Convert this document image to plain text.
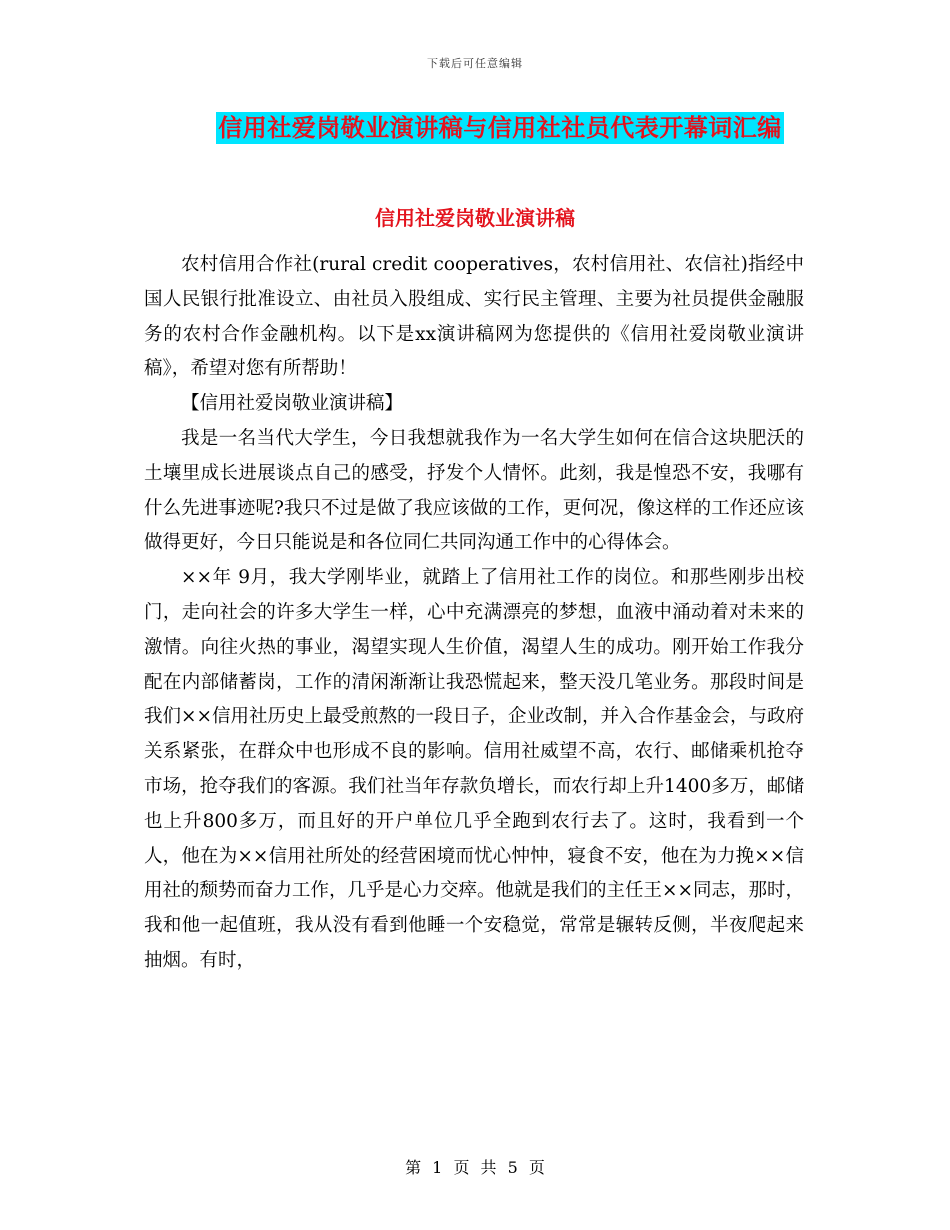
下载后可任意编辑
信用社爱岗敬业演讲稿与信用社社员代表开幕词汇编
信用社爱岗敬业演讲稿

农村信用合作社(rural credit cooperatives，农村信用社、农信社)指经中国人民银行批准设立、由社员入股组成、实行民主管理、主要为社员提供金融服务的农村合作金融机构。以下是xx演讲稿网为您提供的《信用社爱岗敬业演讲稿》，希望对您有所帮助！

【信用社爱岗敬业演讲稿】

我是一名当代大学生，今日我想就我作为一名大学生如何在信合这块肥沃的土壤里成长进展谈点自己的感受，抒发个人情怀。此刻，我是惶恐不安，我哪有什么先进事迹呢?我只不过是做了我应该做的工作，更何况，像这样的工作还应该做得更好，今日只能说是和各位同仁共同沟通工作中的心得体会。

××年 9月，我大学刚毕业，就踏上了信用社工作的岗位。和那些刚步出校门，走向社会的许多大学生一样，心中充满漂亮的梦想，血液中涌动着对未来的激情。向往火热的事业，渴望实现人生价值，渴望人生的成功。刚开始工作我分配在内部储蓄岗，工作的清闲渐渐让我恐慌起来，整天没几笔业务。那段时间是我们××信用社历史上最受煎熬的一段日子，企业改制，并入合作基金会，与政府关系紧张，在群众中也形成不良的影响。信用社威望不高，农行、邮储乘机抢夺市场，抢夺我们的客源。我们社当年存款负增长，而农行却上升1400多万，邮储也上升800多万，而且好的开户单位几乎全跑到农行去了。这时，我看到一个人，他在为××信用社所处的经营困境而忧心忡忡，寝食不安，他在为力挽××信用社的颓势而奋力工作，几乎是心力交瘁。他就是我们的主任王××同志，那时，我和他一起值班，我从没有看到他睡一个安稳觉，常常是辗转反侧，半夜爬起来抽烟。有时，

第 1 页 共 5 页
